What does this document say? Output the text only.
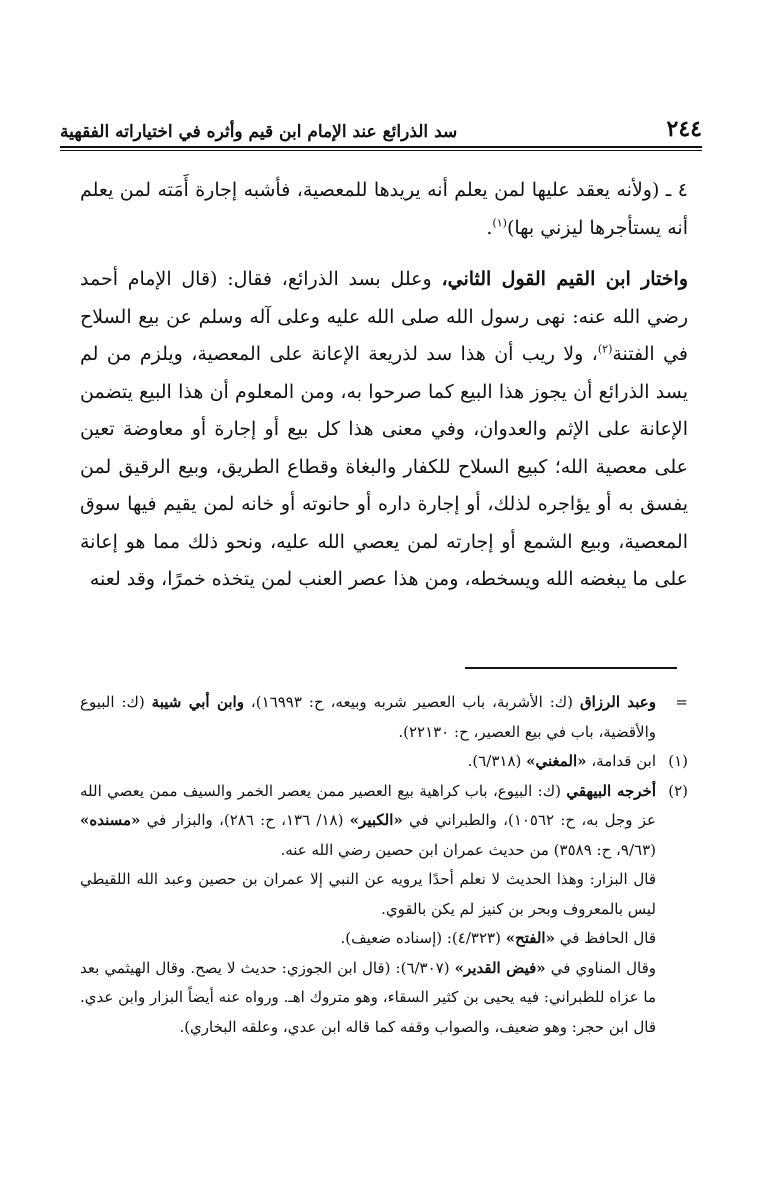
٢٤٤
سد الذرائع عند الإمام ابن قيم وأثره في اختياراته الفقهية

٤ ـ (ولأنه يعقد عليها لمن يعلم أنه يريدها للمعصية، فأشبه إجارة أَمَته لمن يعلم أنه يستأجرها ليزني بها)$^{(١)}$.

واختار ابن القيم القول الثاني، وعلل بسد الذرائع، فقال: (قال الإمام أحمد رضي الله عنه: نهى رسول الله صلى الله عليه وعلى آله وسلم عن بيع السلاح في الفتنة$^{(٢)}$، ولا ريب أن هذا سد لذريعة الإعانة على المعصية، ويلزم من لم يسد الذرائع أن يجوز هذا البيع كما صرحوا به، ومن المعلوم أن هذا البيع يتضمن الإعانة على الإثم والعدوان، وفي معنى هذا كل بيع أو إجارة أو معاوضة تعين على معصية الله؛ كبيع السلاح للكفار والبغاة وقطاع الطريق، وبيع الرقيق لمن يفسق به أو يؤاجره لذلك، أو إجارة داره أو حانوته أو خانه لمن يقيم فيها سوق المعصية، وبيع الشمع أو إجارته لمن يعصي الله عليه، ونحو ذلك مما هو إعانة على ما يبغضه الله ويسخطه، ومن هذا عصر العنب لمن يتخذه خمرًا، وقد لعنه

=
وعبد الرزاق (ك: الأشربة، باب العصير شربه وبيعه، ح: ١٦٩٩٣)، وابن أبي شيبة (ك: البيوع والأقضية، باب في بيع العصير، ح: ٢٢١٣٠).
(١)
ابن قدامة، «المغني» (٦/٣١٨).
(٢)

أخرجه البيهقي (ك: البيوع، باب كراهية بيع العصير ممن يعصر الخمر والسيف ممن يعصي الله عز وجل به، ح: ١٠٥٦٢)، والطبراني في «الكبير» (١٨/ ١٣٦، ح: ٢٨٦)، والبزار في «مسنده» (٩/٦٣، ح: ٣٥٨٩) من حديث عمران ابن حصين رضي الله عنه.

قال البزار: وهذا الحديث لا نعلم أحدًا يرويه عن النبي إلا عمران بن حصين وعبد الله اللقيطي ليس بالمعروف وبحر بن كنيز لم يكن بالقوي.

قال الحافظ في «الفتح» (٤/٣٢٣): (إسناده ضعيف).

وقال المناوي في «فيض القدير» (٦/٣٠٧): (قال ابن الجوزي: حديث لا يصح. وقال الهيثمي بعد ما عزاه للطبراني: فيه يحيى بن كثير السقاء، وهو متروك اهـ. ورواه عنه أيضاً البزار وابن عدي. قال ابن حجر: وهو ضعيف، والصواب وقفه كما قاله ابن عدي، وعلقه البخاري).
